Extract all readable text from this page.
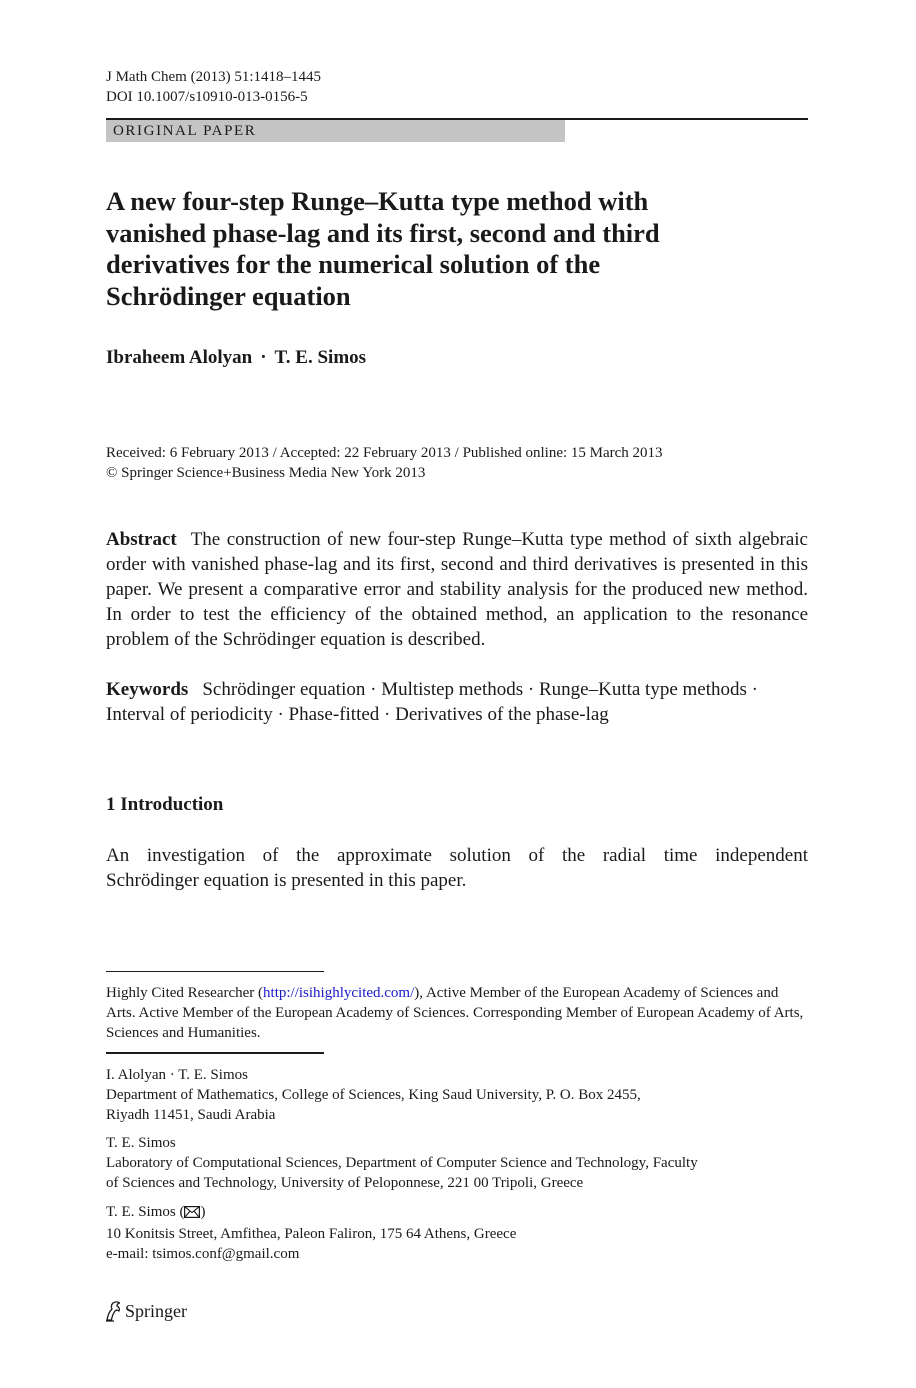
J Math Chem (2013) 51:1418–1445
DOI 10.1007/s10910-013-0156-5
ORIGINAL PAPER
A new four-step Runge–Kutta type method with
vanished phase-lag and its first, second and third
derivatives for the numerical solution of the
Schrödinger equation
Ibraheem Alolyan · T. E. Simos
Received: 6 February 2013 / Accepted: 22 February 2013 / Published online: 15 March 2013
© Springer Science+Business Media New York 2013
Abstract The construction of new four-step Runge–Kutta type method of sixth algebraic order with vanished phase-lag and its first, second and third derivatives is presented in this paper. We present a comparative error and stability analysis for the produced new method. In order to test the efficiency of the obtained method, an application to the resonance problem of the Schrödinger equation is described.
Keywords Schrödinger equation · Multistep methods · Runge–Kutta type methods · Interval of periodicity · Phase-fitted · Derivatives of the phase-lag
1 Introduction
An investigation of the approximate solution of the radial time independent
Schrödinger equation is presented in this paper.
Highly Cited Researcher (http://isihighlycited.com/), Active Member of the European Academy of Sciences and Arts. Active Member of the European Academy of Sciences. Corresponding Member of European Academy of Arts, Sciences and Humanities.
I. Alolyan · T. E. Simos
Department of Mathematics, College of Sciences, King Saud University, P. O. Box 2455,
Riyadh 11451, Saudi Arabia
T. E. Simos
Laboratory of Computational Sciences, Department of Computer Science and Technology, Faculty
of Sciences and Technology, University of Peloponnese, 221 00 Tripoli, Greece
T. E. Simos ( )
10 Konitsis Street, Amfithea, Paleon Faliron, 175 64 Athens, Greece
e-mail: tsimos.conf@gmail.com
Springer
